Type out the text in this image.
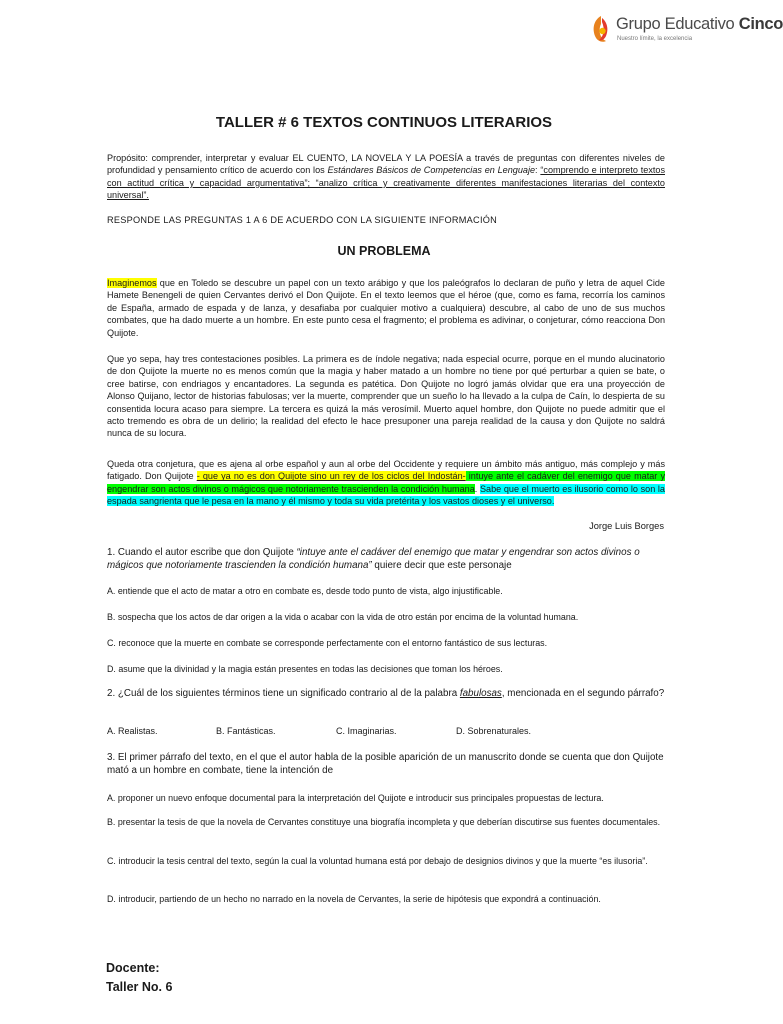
Grupo Educativo Cinco
Nuestro límite, la excelencia
TALLER # 6 TEXTOS CONTINUOS LITERARIOS
Propósito: comprender, interpretar y evaluar EL CUENTO, LA NOVELA Y LA POESÍA a través de preguntas con diferentes niveles de profundidad y pensamiento crítico de acuerdo con los Estándares Básicos de Competencias en Lenguaje: “comprendo e interpreto textos con actitud crítica y capacidad argumentativa”; “analizo crítica y creativamente diferentes manifestaciones literarias del contexto universal”.
RESPONDE LAS PREGUNTAS 1 A 6 DE ACUERDO CON LA SIGUIENTE INFORMACIÓN
UN PROBLEMA
Imaginemos que en Toledo se descubre un papel con un texto arábigo y que los paleógrafos lo declaran de puño y letra de aquel Cide Hamete Benengeli de quien Cervantes derivó el Don Quijote. En el texto leemos que el héroe (que, como es fama, recorría los caminos de España, armado de espada y de lanza, y desafiaba por cualquier motivo a cualquiera) descubre, al cabo de uno de sus muchos combates, que ha dado muerte a un hombre. En este punto cesa el fragmento; el problema es adivinar, o conjeturar, cómo reacciona Don Quijote.
Que yo sepa, hay tres contestaciones posibles. La primera es de índole negativa; nada especial ocurre, porque en el mundo alucinatorio de don Quijote la muerte no es menos común que la magia y haber matado a un hombre no tiene por qué perturbar a quien se bate, o cree batirse, con endriagos y encantadores. La segunda es patética. Don Quijote no logró jamás olvidar que era una proyección de Alonso Quijano, lector de historias fabulosas; ver la muerte, comprender que un sueño lo ha llevado a la culpa de Caín, lo despierta de su consentida locura acaso para siempre. La tercera es quizá la más verosímil. Muerto aquel hombre, don Quijote no puede admitir que el acto tremendo es obra de un delirio; la realidad del efecto le hace presuponer una pareja realidad de la causa y don Quijote no saldrá nunca de su locura.
Queda otra conjetura, que es ajena al orbe español y aun al orbe del Occidente y requiere un ámbito más antiguo, más complejo y más fatigado. Don Quijote - que ya no es don Quijote sino un rey de los ciclos del Indostán- intuye ante el cadáver del enemigo que matar y engendrar son actos divinos o mágicos que notoriamente trascienden la condición humana. Sabe que el muerto es ilusorio como lo son la espada sangrienta que le pesa en la mano y él mismo y toda su vida pretérita y los vastos dioses y el universo.
Jorge Luis Borges
1. Cuando el autor escribe que don Quijote “intuye ante el cadáver del enemigo que matar y engendrar son actos divinos o mágicos que notoriamente trascienden la condición humana” quiere decir que este personaje
A. entiende que el acto de matar a otro en combate es, desde todo punto de vista, algo injustificable.
B. sospecha que los actos de dar origen a la vida o acabar con la vida de otro están por encima de la voluntad humana.
C. reconoce que la muerte en combate se corresponde perfectamente con el entorno fantástico de sus lecturas.
D. asume que la divinidad y la magia están presentes en todas las decisiones que toman los héroes.
2. ¿Cuál de los siguientes términos tiene un significado contrario al de la palabra fabulosas, mencionada en el segundo párrafo?
A. Realistas.	B. Fantásticas.	C. Imaginarias.	D. Sobrenaturales.
3. El primer párrafo del texto, en el que el autor habla de la posible aparición de un manuscrito donde se cuenta que don Quijote mató a un hombre en combate, tiene la intención de
A. proponer un nuevo enfoque documental para la interpretación del Quijote e introducir sus principales propuestas de lectura.
B. presentar la tesis de que la novela de Cervantes constituye una biografía incompleta y que deberían discutirse sus fuentes documentales.
C. introducir la tesis central del texto, según la cual la voluntad humana está por debajo de designios divinos y que la muerte “es ilusoria”.
D. introducir, partiendo de un hecho no narrado en la novela de Cervantes, la serie de hipótesis que expondrá a continuación.
Docente:
Taller No. 6
